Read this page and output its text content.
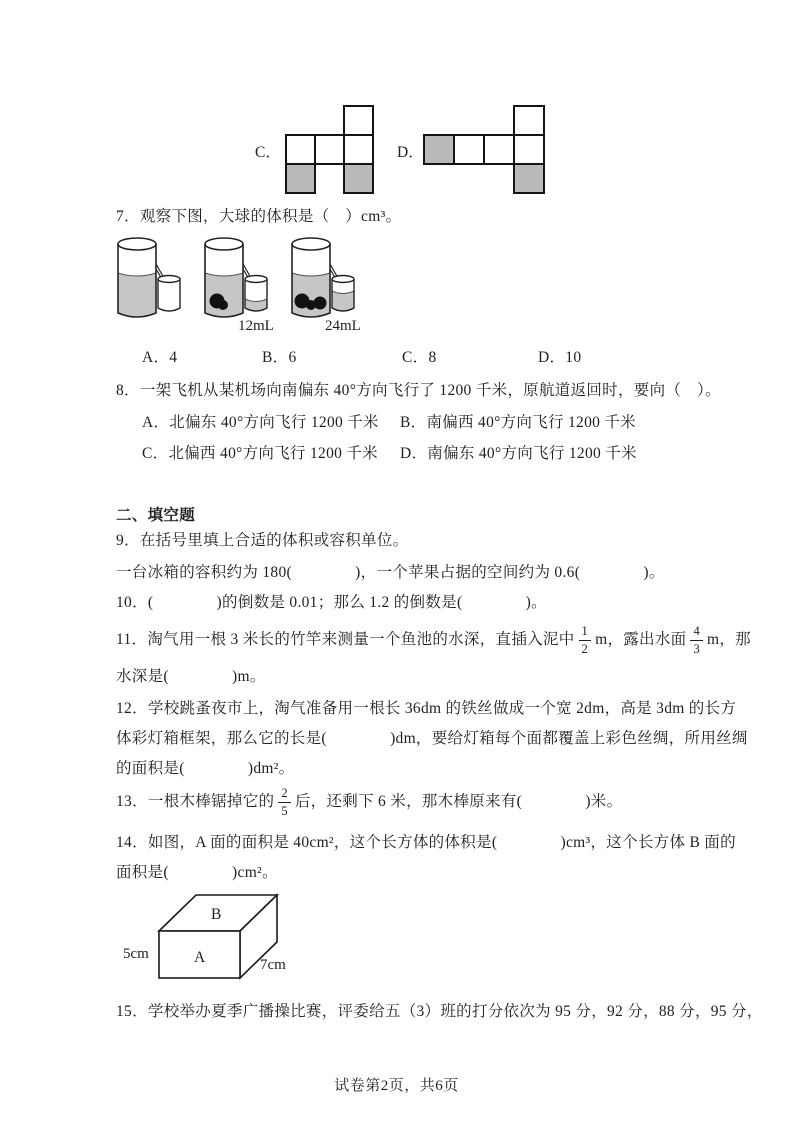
C．	D．
7．观察下图，大球的体积是（　）cm³。
12mL	24mL
A．4	B．6	C．8	D．10
8．一架飞机从某机场向南偏东 40°方向飞行了 1200 千米，原航道返回时，要向（　）。
A．北偏东 40°方向飞行 1200 千米 B．南偏西 40°方向飞行 1200 千米
C．北偏西 40°方向飞行 1200 千米 D．南偏东 40°方向飞行 1200 千米
二、填空题
9．在括号里填上合适的体积或容积单位。
一台冰箱的容积约为 180(　　　　)，一个苹果占据的空间约为 0.6(　　　　)。
10．(　　　　)的倒数是 0.01；那么 1.2 的倒数是(　　　　)。
11．淘气用一根 3 米长的竹竿来测量一个鱼池的水深，直插入泥中 $\frac{1}{2}$ m，露出水面 $\frac{4}{3}$ m，那
水深是(　　　　)m。
12．学校跳蚤夜市上，淘气准备用一根长 36dm 的铁丝做成一个宽 2dm，高是 3dm 的长方
体彩灯箱框架，那么它的长是(　　　　)dm，要给灯箱每个面都覆盖上彩色丝绸，所用丝绸
的面积是(　　　　)dm²。
13．一根木棒锯掉它的 $\frac{2}{5}$ 后，还剩下 6 米，那木棒原来有(　　　　)米。
14．如图，A 面的面积是 40cm²，这个长方体的体积是(　　　　)cm³，这个长方体 B 面的
面积是(　　　　)cm²。
B
A
5cm
7cm
15．学校举办夏季广播操比赛，评委给五（3）班的打分依次为 95 分，92 分，88 分，95 分，
试卷第2页，共6页
